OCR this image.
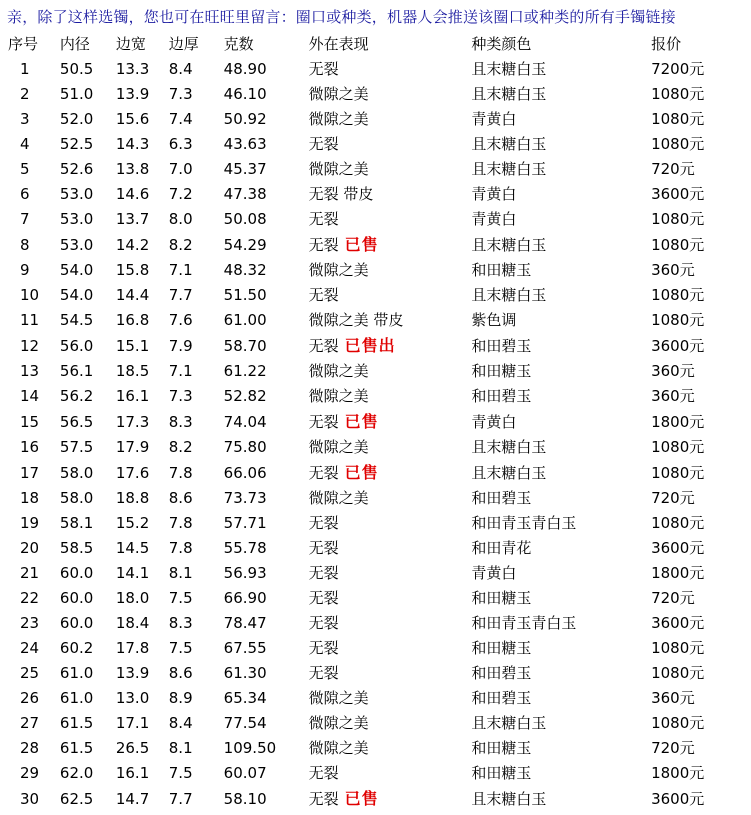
亲，除了这样选镯，您也可在旺旺里留言：圈口或种类，机器人会推送该圈口或种类的所有手镯链接
序号	内径	边宽	边厚	克数	外在表现	种类颜色	报价
1	50.5	13.3	8.4	48.90	无裂	且末糖白玉	7200元
2	51.0	13.9	7.3	46.10	微隙之美	且末糖白玉	1080元
3	52.0	15.6	7.4	50.92	微隙之美	青黄白	1080元
4	52.5	14.3	6.3	43.63	无裂	且末糖白玉	1080元
5	52.6	13.8	7.0	45.37	微隙之美	且末糖白玉	720元
6	53.0	14.6	7.2	47.38	无裂 带皮	青黄白	3600元
7	53.0	13.7	8.0	50.08	无裂	青黄白	1080元
8	53.0	14.2	8.2	54.29	无裂 已售	且末糖白玉	1080元
9	54.0	15.8	7.1	48.32	微隙之美	和田糖玉	360元
10	54.0	14.4	7.7	51.50	无裂	且末糖白玉	1080元
11	54.5	16.8	7.6	61.00	微隙之美 带皮	紫色调	1080元
12	56.0	15.1	7.9	58.70	无裂 已售出	和田碧玉	3600元
13	56.1	18.5	7.1	61.22	微隙之美	和田糖玉	360元
14	56.2	16.1	7.3	52.82	微隙之美	和田碧玉	360元
15	56.5	17.3	8.3	74.04	无裂 已售	青黄白	1800元
16	57.5	17.9	8.2	75.80	微隙之美	且末糖白玉	1080元
17	58.0	17.6	7.8	66.06	无裂 已售	且末糖白玉	1080元
18	58.0	18.8	8.6	73.73	微隙之美	和田碧玉	720元
19	58.1	15.2	7.8	57.71	无裂	和田青玉青白玉	1080元
20	58.5	14.5	7.8	55.78	无裂	和田青花	3600元
21	60.0	14.1	8.1	56.93	无裂	青黄白	1800元
22	60.0	18.0	7.5	66.90	无裂	和田糖玉	720元
23	60.0	18.4	8.3	78.47	无裂	和田青玉青白玉	3600元
24	60.2	17.8	7.5	67.55	无裂	和田糖玉	1080元
25	61.0	13.9	8.6	61.30	无裂	和田碧玉	1080元
26	61.0	13.0	8.9	65.34	微隙之美	和田碧玉	360元
27	61.5	17.1	8.4	77.54	微隙之美	且末糖白玉	1080元
28	61.5	26.5	8.1	109.50	微隙之美	和田糖玉	720元
29	62.0	16.1	7.5	60.07	无裂	和田糖玉	1800元
30	62.5	14.7	7.7	58.10	无裂 已售	且末糖白玉	3600元
